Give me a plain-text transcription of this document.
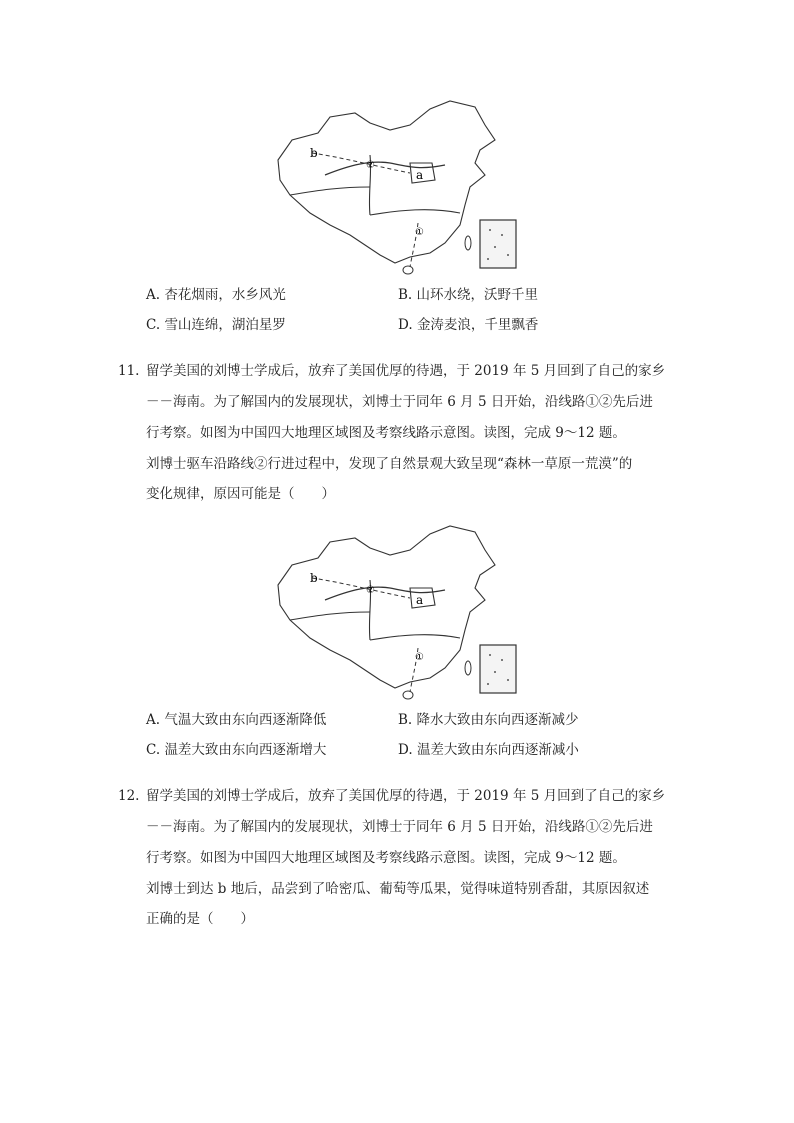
b
a
②
①
A. 杏花烟雨，水乡风光	B. 山环水绕，沃野千里
C. 雪山连绵，湖泊星罗	D. 金涛麦浪，千里飘香
11. 留学美国的刘博士学成后，放弃了美国优厚的待遇，于 2019 年 5 月回到了自己的家乡
－－海南。为了解国内的发展现状，刘博士于同年 6 月 5 日开始，沿线路①②先后进
行考察。如图为中国四大地理区域图及考察线路示意图。读图，完成 9～12 题。
刘博士驱车沿路线②行进过程中，发现了自然景观大致呈现“森林一草原一荒漠”的
变化规律，原因可能是（　　）
b
a
②
①
A. 气温大致由东向西逐渐降低	B. 降水大致由东向西逐渐减少
C. 温差大致由东向西逐渐增大	D. 温差大致由东向西逐渐减小
12. 留学美国的刘博士学成后，放弃了美国优厚的待遇，于 2019 年 5 月回到了自己的家乡
－－海南。为了解国内的发展现状，刘博士于同年 6 月 5 日开始，沿线路①②先后进
行考察。如图为中国四大地理区域图及考察线路示意图。读图，完成 9～12 题。
刘博士到达 b 地后，品尝到了哈密瓜、葡萄等瓜果，觉得味道特别香甜，其原因叙述
正确的是（　　）
